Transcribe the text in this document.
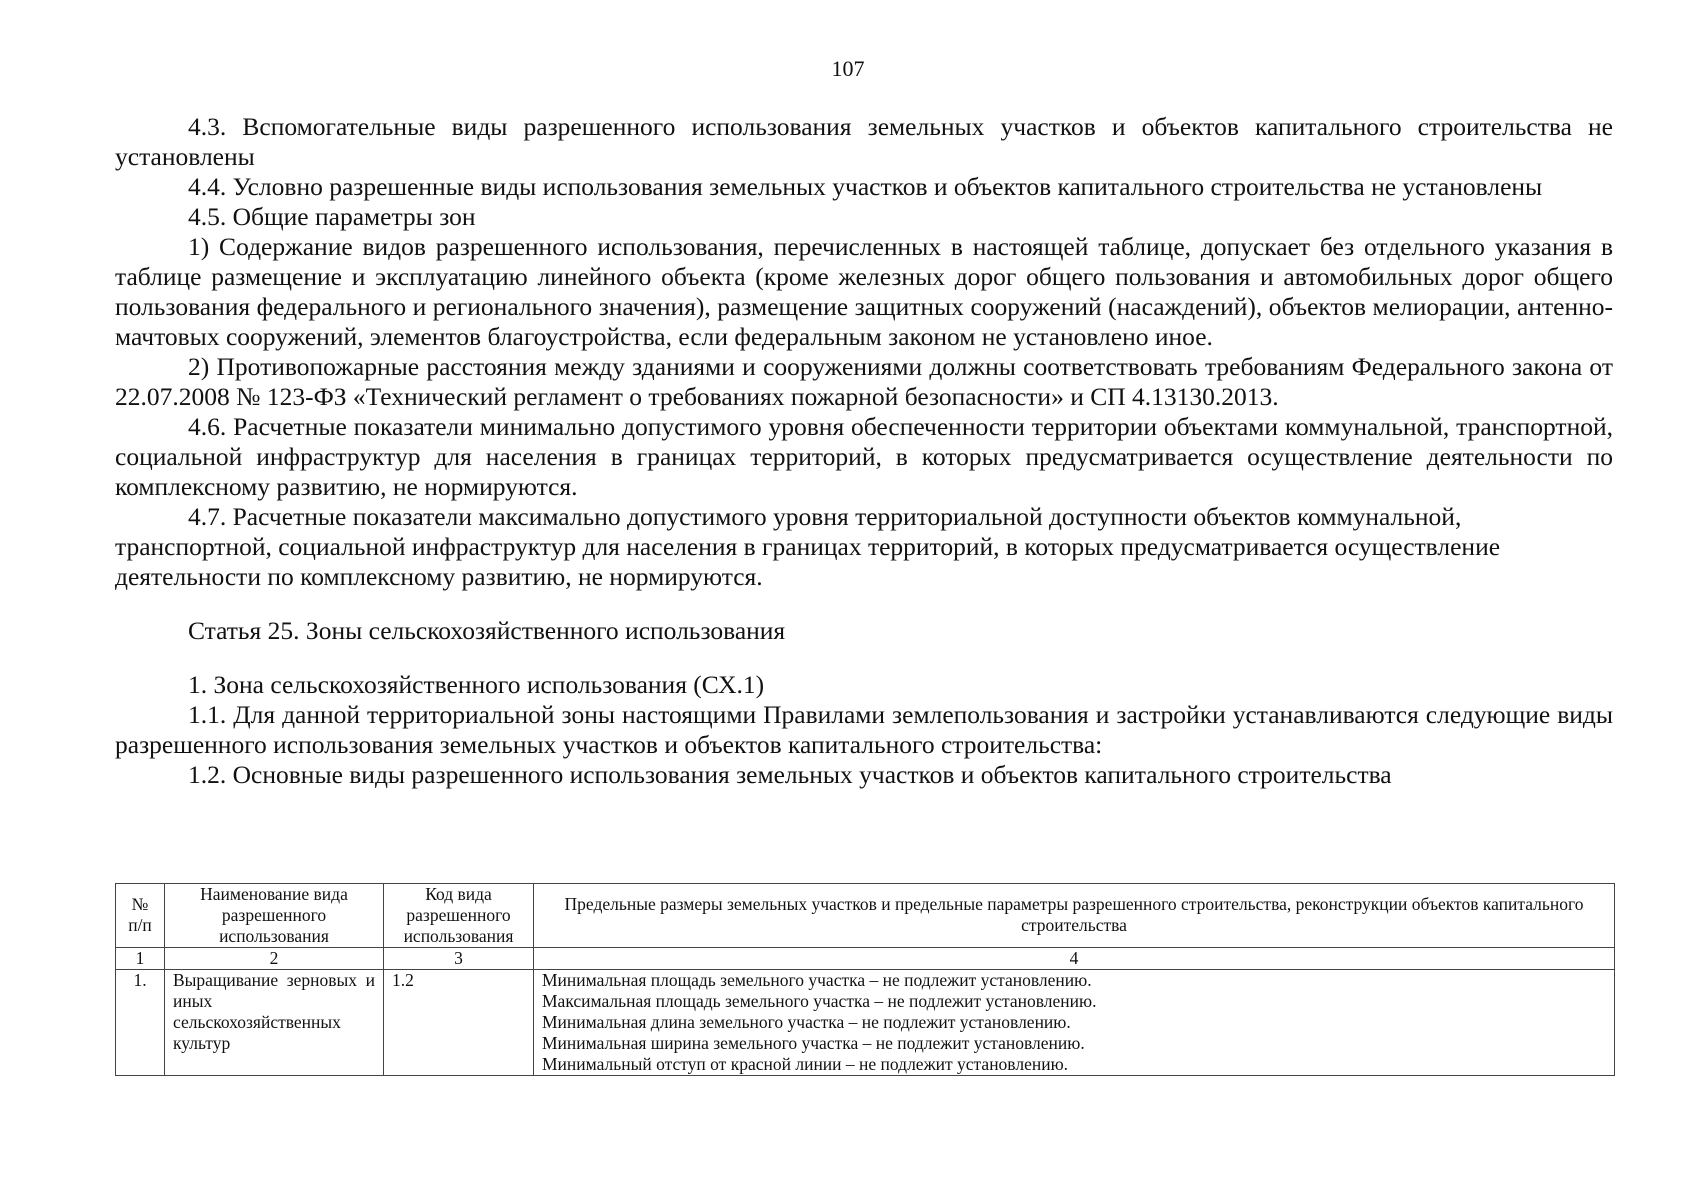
107

4.3. Вспомогательные виды разрешенного использования земельных участков и объектов капитального строительства не установлены

4.4. Условно разрешенные виды использования земельных участков и объектов капитального строительства не установлены

4.5. Общие параметры зон

1) Содержание видов разрешенного использования, перечисленных в настоящей таблице, допускает без отдельного указания в таблице размещение и эксплуатацию линейного объекта (кроме железных дорог общего пользования и автомобильных дорог общего пользования федерального и регионального значения), размещение защитных сооружений (насаждений), объектов мелиорации, антенно-мачтовых сооружений, элементов благоустройства, если федеральным законом не установлено иное.

2) Противопожарные расстояния между зданиями и сооружениями должны соответствовать требованиям Федерального закона от 22.07.2008 № 123-ФЗ «Технический регламент о требованиях пожарной безопасности» и СП 4.13130.2013.

4.6. Расчетные показатели минимально допустимого уровня обеспеченности территории объектами коммунальной, транспортной, социальной инфраструктур для населения в границах территорий, в которых предусматривается осуществление деятельности по комплексному развитию, не нормируются.

4.7. Расчетные показатели максимально допустимого уровня территориальной доступности объектов коммунальной, транспортной, социальной инфраструктур для населения в границах территорий, в которых предусматривается осуществление деятельности по комплексному развитию, не нормируются.

Статья 25. Зоны сельскохозяйственного использования

1. Зона сельскохозяйственного использования (СХ.1)

1.1. Для данной территориальной зоны настоящими Правилами землепользования и застройки устанавливаются следующие виды разрешенного использования земельных участков и объектов капитального строительства:

1.2. Основные виды разрешенного использования земельных участков и объектов капитального строительства

№ п/п	Наименование вида разрешенного использования	Код вида разрешенного использования	Предельные размеры земельных участков и предельные параметры разрешенного строительства, реконструкции объектов капитального строительства
1	2	3	4
1.	Выращивание зерновых и иных сельскохозяйственных культур	1.2	Минимальная площадь земельного участка – не подлежит установлению.
Максимальная площадь земельного участка – не подлежит установлению.
Минимальная длина земельного участка – не подлежит установлению.
Минимальная ширина земельного участка – не подлежит установлению.
Минимальный отступ от красной линии – не подлежит установлению.
